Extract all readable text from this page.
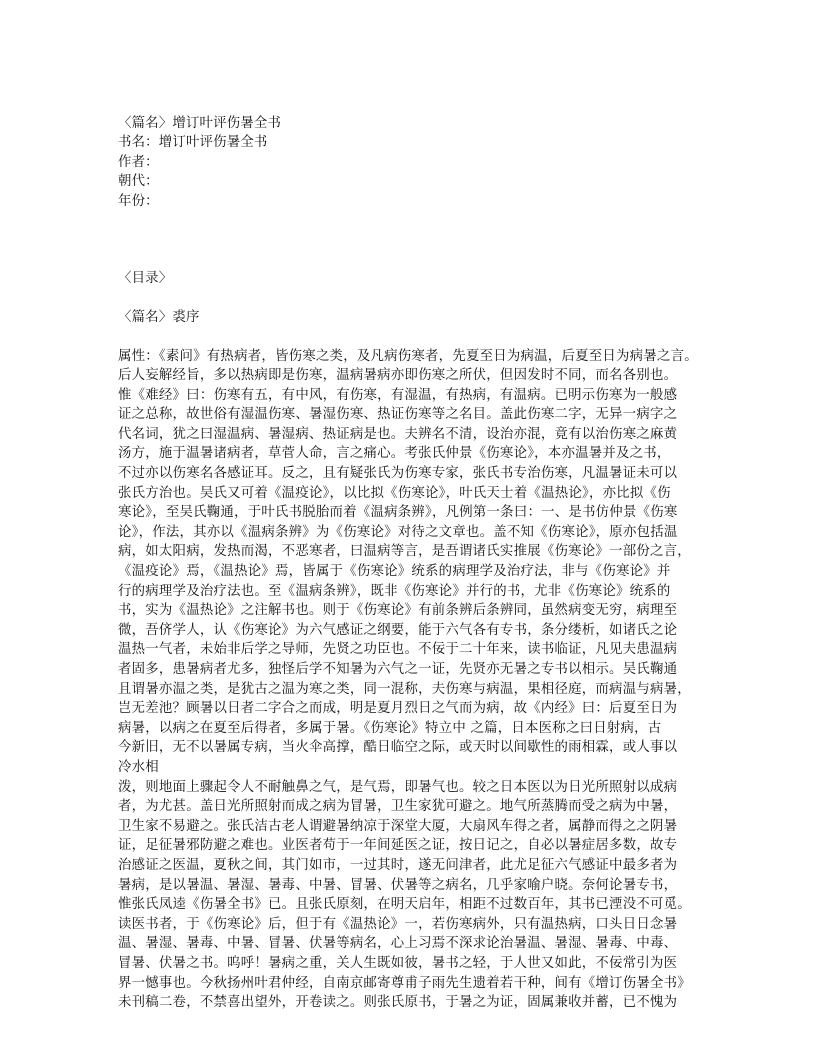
〈篇名〉增订叶评伤暑全书
书名：增订叶评伤暑全书
作者：
朝代：
年份：
〈目录〉
〈篇名〉裘序
属性：《素问》有热病者，皆伤寒之类，及凡病伤寒者，先夏至日为病温，后夏至日为病暑之言。
后人妄解经旨，多以热病即是伤寒，温病暑病亦即伤寒之所伏，但因发时不同，而名各别也。
惟《难经》曰：伤寒有五，有中风，有伤寒，有湿温，有热病，有温病。已明示伤寒为一般感
证之总称，故世俗有湿温伤寒、暑湿伤寒、热证伤寒等之名目。盖此伤寒二字，无异一病字之
代名词，犹之曰湿温病、暑湿病、热证病是也。夫辨名不清，设治亦混，竟有以治伤寒之麻黄
汤方，施于温暑诸病者，草菅人命，言之痛心。考张氏仲景《伤寒论》，本亦温暑并及之书，
不过亦以伤寒名各感证耳。反之，且有疑张氏为伤寒专家，张氏书专治伤寒，凡温暑证未可以
张氏方治也。吴氏又可着《温疫论》，以比拟《伤寒论》，叶氏天士着《温热论》，亦比拟《伤
寒论》，至吴氏鞠通，于叶氏书脱胎而着《温病条辨》，凡例第一条曰：一、是书仿仲景《伤寒
论》，作法，其亦以《温病条辨》为《伤寒论》对待之文章也。盖不知《伤寒论》，原亦包括温
病，如太阳病，发热而渴，不恶寒者，曰温病等言，是吾谓诸氏实推展《伤寒论》一部份之言，
《温疫论》焉，《温热论》焉，皆属于《伤寒论》统系的病理学及治疗法，非与《伤寒论》并
行的病理学及治疗法也。至《温病条辨》，既非《伤寒论》并行的书，尤非《伤寒论》统系的
书，实为《温热论》之注解书也。则于《伤寒论》有前条辨后条辨同，虽然病变无穷，病理至
微，吾侪学人，认《伤寒论》为六气感证之纲要，能于六气各有专书，条分缕析，如诸氏之论
温热一气者，未始非后学之导师，先贤之功臣也。不佞于二十年来，读书临证，凡见夫患温病
者固多，患暑病者尤多，独怪后学不知暑为六气之一证，先贤亦无暑之专书以相示。吴氏鞠通
且谓暑亦温之类，是犹古之温为寒之类，同一混称，夫伤寒与病温，果相径庭，而病温与病暑，
岂无差池？顾暑以日者二字合之而成，明是夏月烈日之气而为病，故《内经》曰：后夏至日为
病暑，以病之在夏至后得者，多属于暑。《伤寒论》特立中 之篇，日本医称之曰日射病，古
今新旧，无不以暑属专病，当火伞高撑，酷日临空之际，或天时以间歇性的雨相霖，或人事以
冷水相
泼，则地面上骤起令人不耐触鼻之气，是气焉，即暑气也。较之日本医以为日光所照射以成病
者，为尤甚。盖日光所照射而成之病为冒暑，卫生家犹可避之。地气所蒸腾而受之病为中暑，
卫生家不易避之。张氏洁古老人谓避暑纳凉于深堂大厦，大扇风车得之者，属静而得之之阴暑
证，足征暑邪防避之难也。业医者苟于一年间延医之证，按日记之，自必以暑症居多数，故专
治感证之医温，夏秋之间，其门如市，一过其时，遂无问津者，此尤足征六气感证中最多者为
暑病，是以暑温、暑湿、暑毒、中暑、冒暑、伏暑等之病名，几乎家喻户晓。奈何论暑专书，
惟张氏凤逵《伤暑全书》已。且张氏原刻，在明天启年，相距不过数百年，其书已湮没不可觅。
读医书者，于《伤寒论》后，但于有《温热论》一，若伤寒病外，只有温热病，口头日日念暑
温、暑湿、暑毒、中暑、冒暑、伏暑等病名，心上习焉不深求论治暑温、暑湿、暑毒、中毒、
冒暑、伏暑之书。呜呼！暑病之重，关人生既如彼，暑书之轻，于人世又如此，不佞常引为医
界一憾事也。今秋扬州叶君仲经，自南京邮寄尊甫子雨先生遗着若干种，间有《增订伤暑全书》
未刊稿二卷，不禁喜出望外，开卷读之。则张氏原书，于暑之为证，固属兼收并蓄，已不愧为
